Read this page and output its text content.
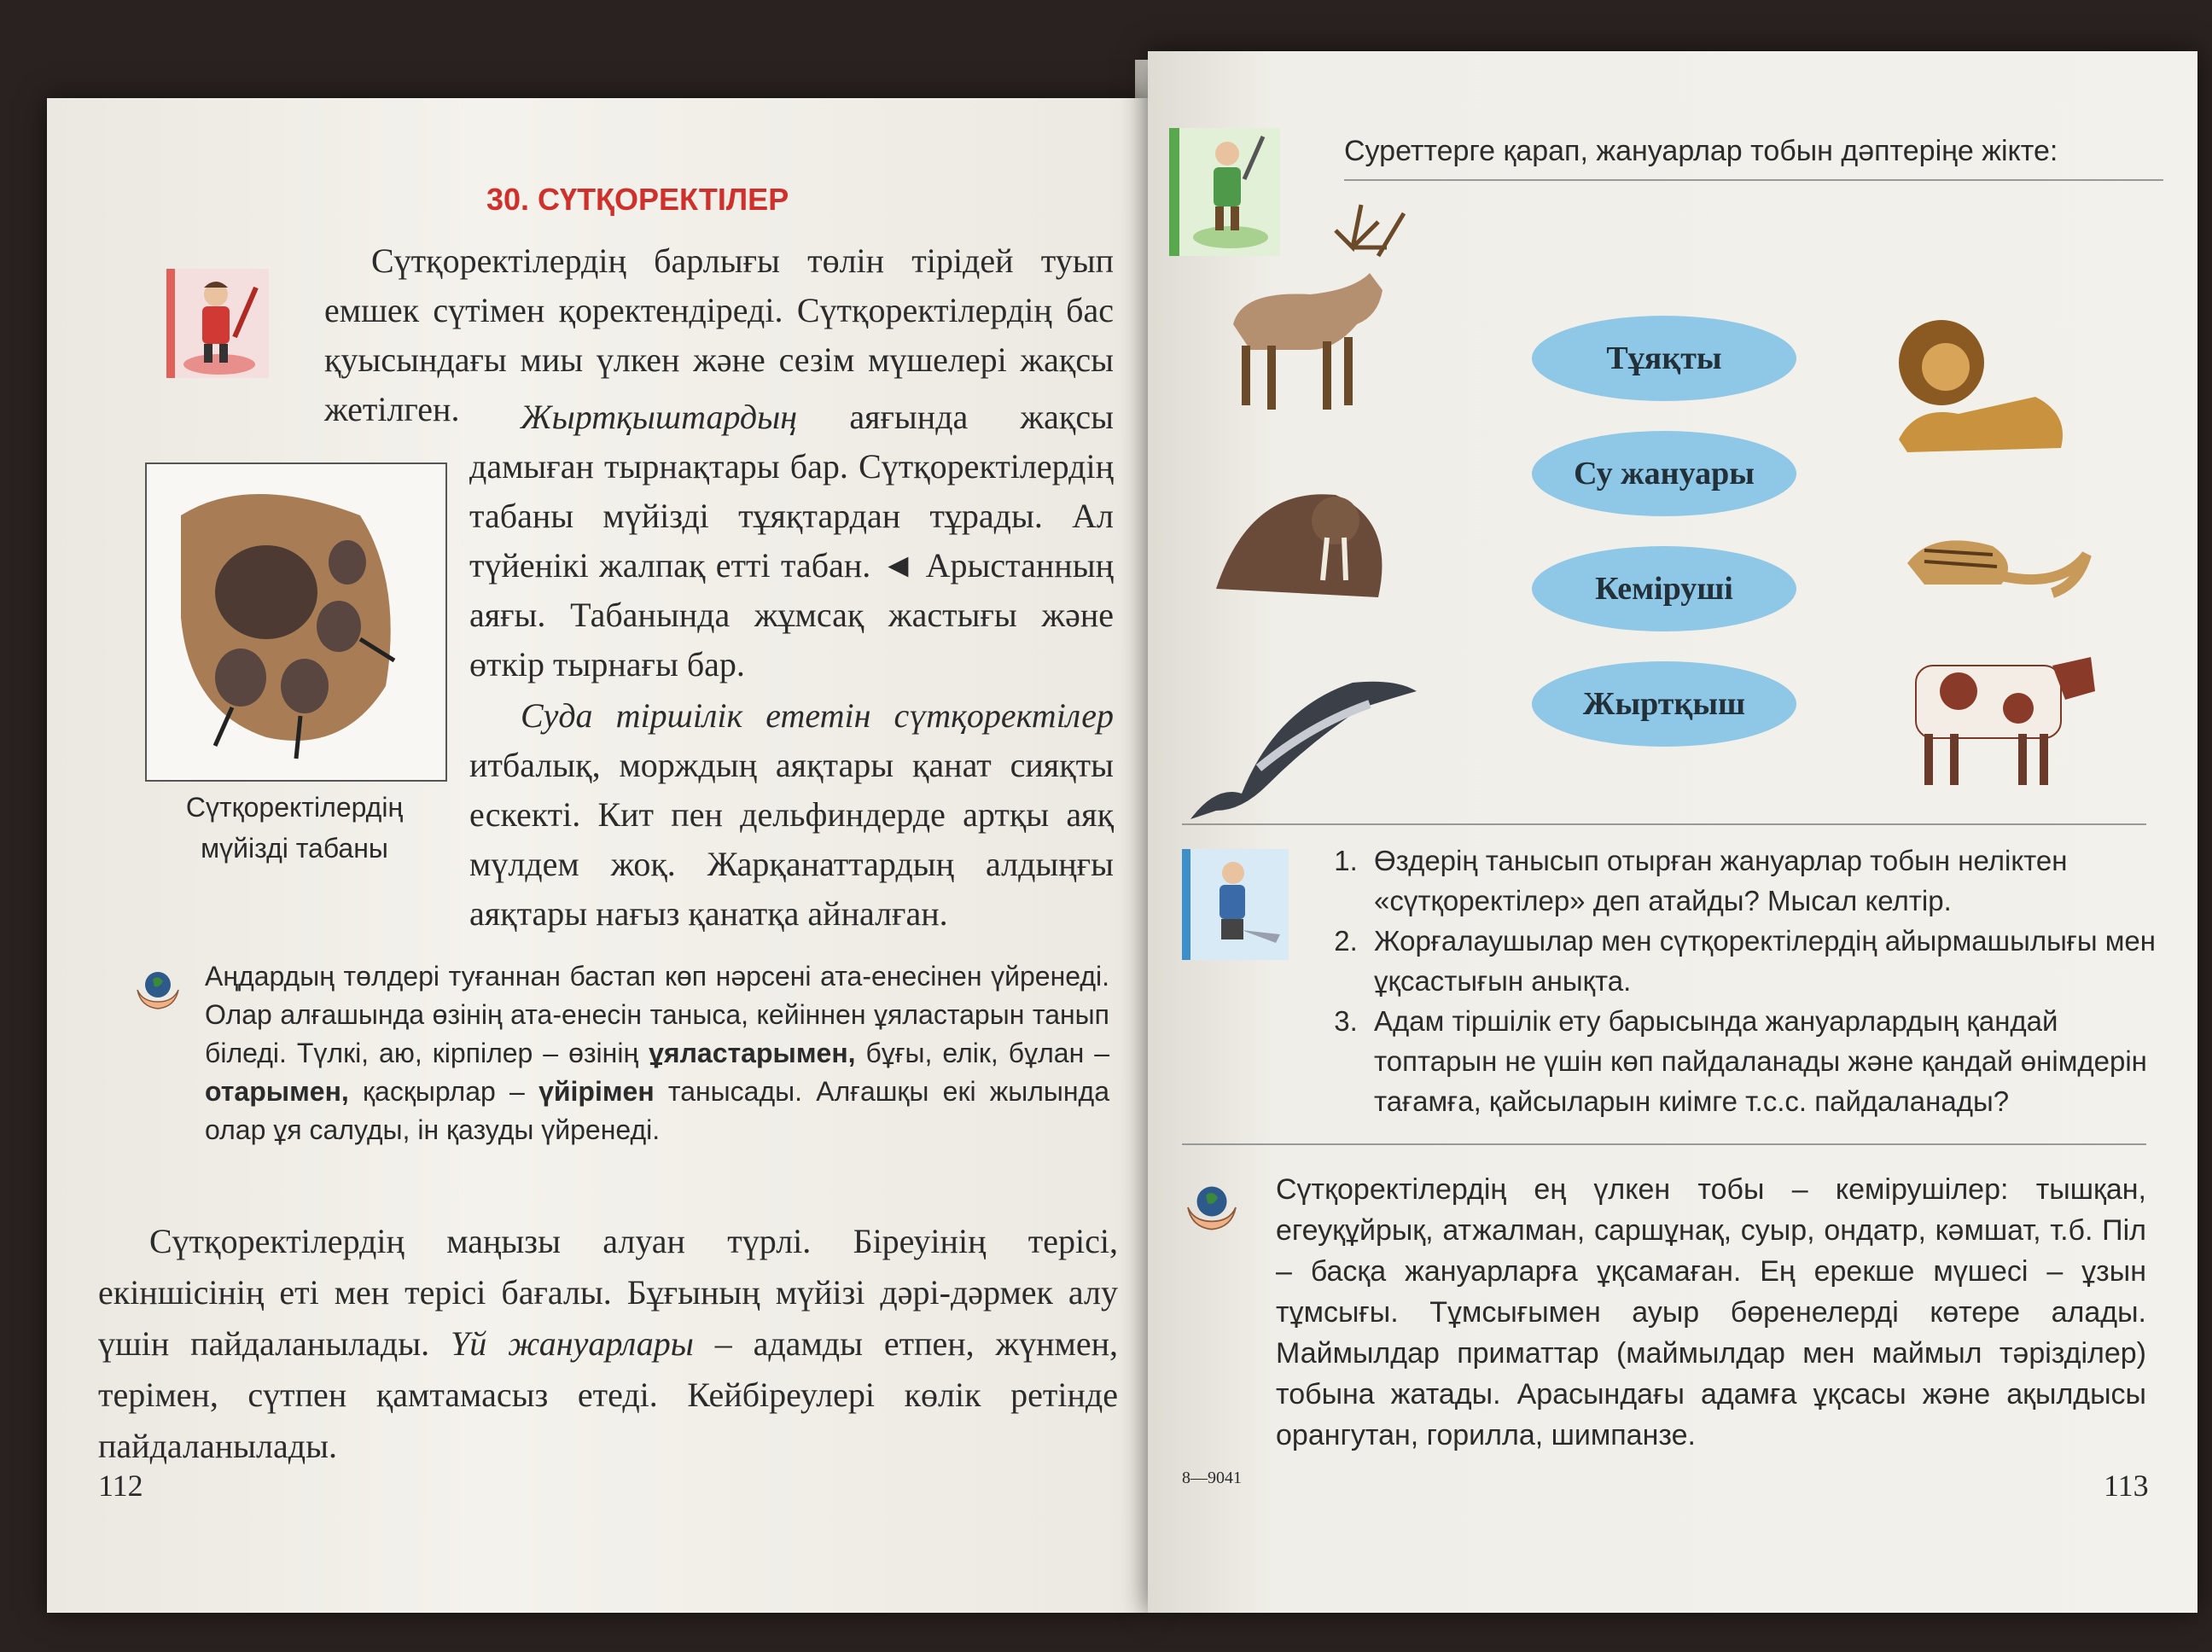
30. СҮТҚОРЕКТІЛЕР

Сүтқоректілердің барлығы төлін тірідей туып емшек сүтімен қоректендіреді. Сүтқоректілердің бас қуысындағы миы үлкен және сезім мүшелері жақсы жетілген.

Сүтқоректілердің
мүйізді табаны

Жыртқыштардың аяғында жақсы дамыған тырнақтары бар. Сүтқоректілердің табаны мүйізді тұяқтардан тұрады. Ал түйенікі жалпақ етті табан. ◄ Арыстанның аяғы. Табанында жұмсақ жастығы және өткір тырнағы бар.

Суда тіршілік ететін сүтқоректілер итбалық, морждың аяқтары қанат сияқты ескекті. Кит пен дельфиндерде артқы аяқ мүлдем жоқ. Жарқанаттардың алдыңғы аяқтары нағыз қанатқа айналған.

Аңдардың төлдері туғаннан бастап көп нәрсені ата-енесінен үйренеді. Олар алғашында өзінің ата-енесін таныса, кейіннен ұяластарын танып біледі. Түлкі, аю, кірпілер – өзінің ұяластарымен, бұғы, елік, бұлан – отарымен, қасқырлар – үйірімен танысады. Алғашқы екі жылында олар ұя салуды, ін қазуды үйренеді.

Сүтқоректілердің маңызы алуан түрлі. Біреуінің терісі, екіншісінің еті мен терісі бағалы. Бұғының мүйізі дәрі-дәрмек алу үшін пайдаланылады. Үй жануарлары – адамды етпен, жүнмен, терімен, сүтпен қамтамасыз етеді. Кейбіреулері көлік ретінде пайдаланылады.

112
Суреттерге қарап, жануарлар тобын дәптеріңе жікте:
Тұяқты
Су жануары
Кеміруші
Жыртқыш
1. Өздерің танысып отырған жануарлар тобын неліктен «сүтқоректілер» деп атайды? Мысал келтір.
2. Жорғалаушылар мен сүтқоректілердің айырмашылығы мен ұқсастығын анықта.
3. Адам тіршілік ету барысында жануарлардың қандай топтарын не үшін көп пайдаланады және қандай өнімдерін тағамға, қайсыларын киімге т.с.с. пайдаланады?

Сүтқоректілердің ең үлкен тобы – кемірушілер: тышқан, егеуқұйрық, атжалман, саршұнақ, суыр, ондатр, кәмшат, т.б. Піл – басқа жануарларға ұқсамаған. Ең ерекше мүшесі – ұзын тұмсығы. Тұмсығымен ауыр бөренелерді көтере алады. Маймылдар приматтар (маймылдар мен маймыл тәрізділер) тобына жатады. Арасындағы адамға ұқсасы және ақылдысы орангутан, горилла, шимпанзе.

8—9041	113
